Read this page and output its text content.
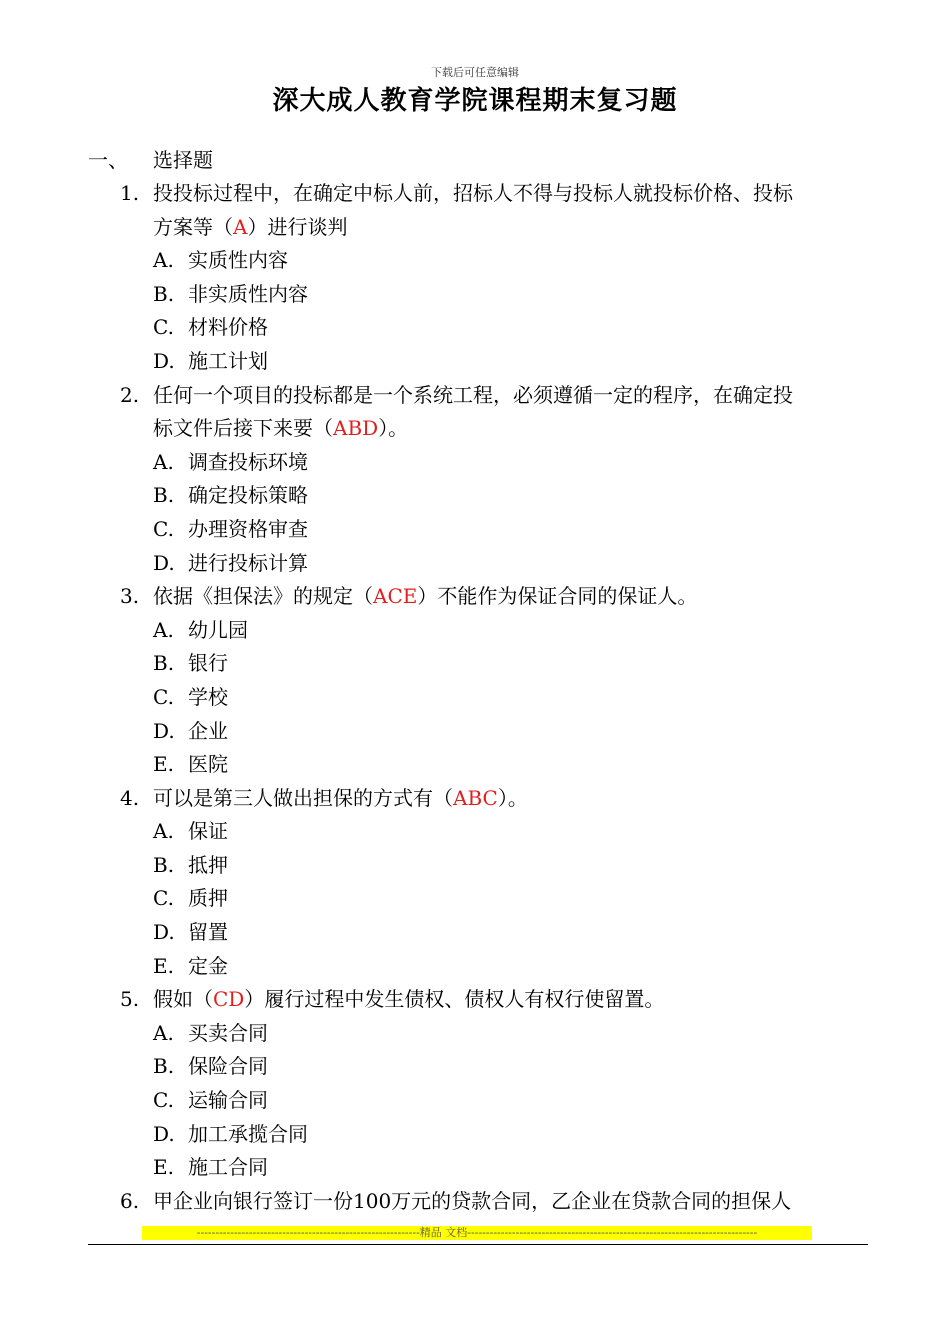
下载后可任意编辑
深大成人教育学院课程期末复习题
一、 选择题
1. 投投标过程中，在确定中标人前，招标人不得与投标人就投标价格、投标
方案等（A）进行谈判
A. 实质性内容
B. 非实质性内容
C. 材料价格
D. 施工计划
2. 任何一个项目的投标都是一个系统工程，必须遵循一定的程序，在确定投
标文件后接下来要（ABD）。
A. 调查投标环境
B. 确定投标策略
C. 办理资格审查
D. 进行投标计算
3. 依据《担保法》的规定（ACE）不能作为保证合同的保证人。
A. 幼儿园
B. 银行
C. 学校
D. 企业
E. 医院
4. 可以是第三人做出担保的方式有（ABC）。
A. 保证
B. 抵押
C. 质押
D. 留置
E. 定金
5. 假如（CD）履行过程中发生债权、债权人有权行使留置。
A. 买卖合同
B. 保险合同
C. 运输合同
D. 加工承揽合同
E. 施工合同
6. 甲企业向银行签订一份100万元的贷款合同，乙企业在贷款合同的担保人
------------------------------------------------------------精品 文档------------------------------------------------------------------------------
